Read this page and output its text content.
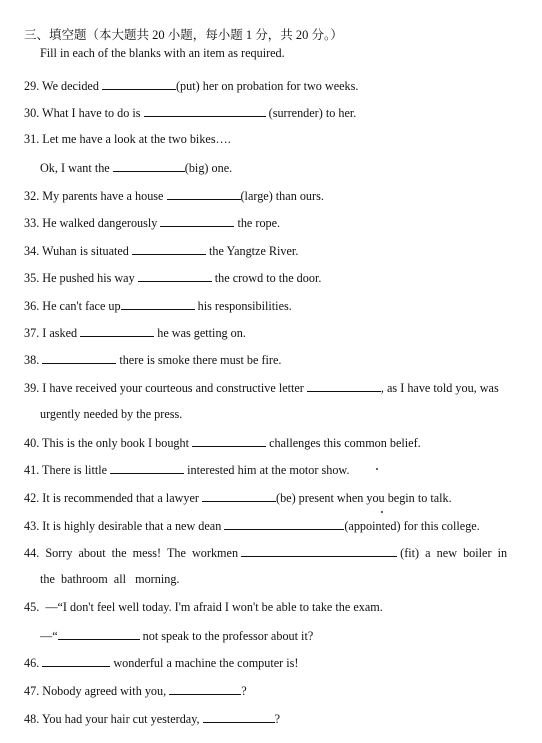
三、填空题（本大题共 20 小题，每小题 1 分，共 20 分。）
Fill in each of the blanks with an item as required.
29. We decided	(put) her on probation for two weeks.
30. What I have to do is	(surrender) to her.
31. Let me have a look at the two bikes….
Ok, I want the	(big) one.
32. My parents have a house	(large) than ours.
33. He walked dangerously	the rope.
34. Wuhan is situated	the Yangtze River.
35. He pushed his way	the crowd to the door.
36. He can't face up	his responsibilities.
37. I asked	he was getting on.
38.	there is smoke there must be fire.
39. I have received your courteous and constructive letter	, as I have told you, was
urgently needed by the press.
40. This is the only book I bought	challenges this common belief.
41. There is little	interested him at the motor show.
42. It is recommended that a lawyer	(be) present when you begin to talk.
43. It is highly desirable that a new dean	(appointed) for this college.
44.  Sorry  about  the  mess!  The  workmen	(fit)  a  new  boiler  in
the  bathroom  all   morning.
45.  —“I don't feel well today. I'm afraid I won't be able to take the exam.
—“	not speak to the professor about it?
46.	wonderful a machine the computer is!
47. Nobody agreed with you,	?
48. You had your hair cut yesterday,	?
